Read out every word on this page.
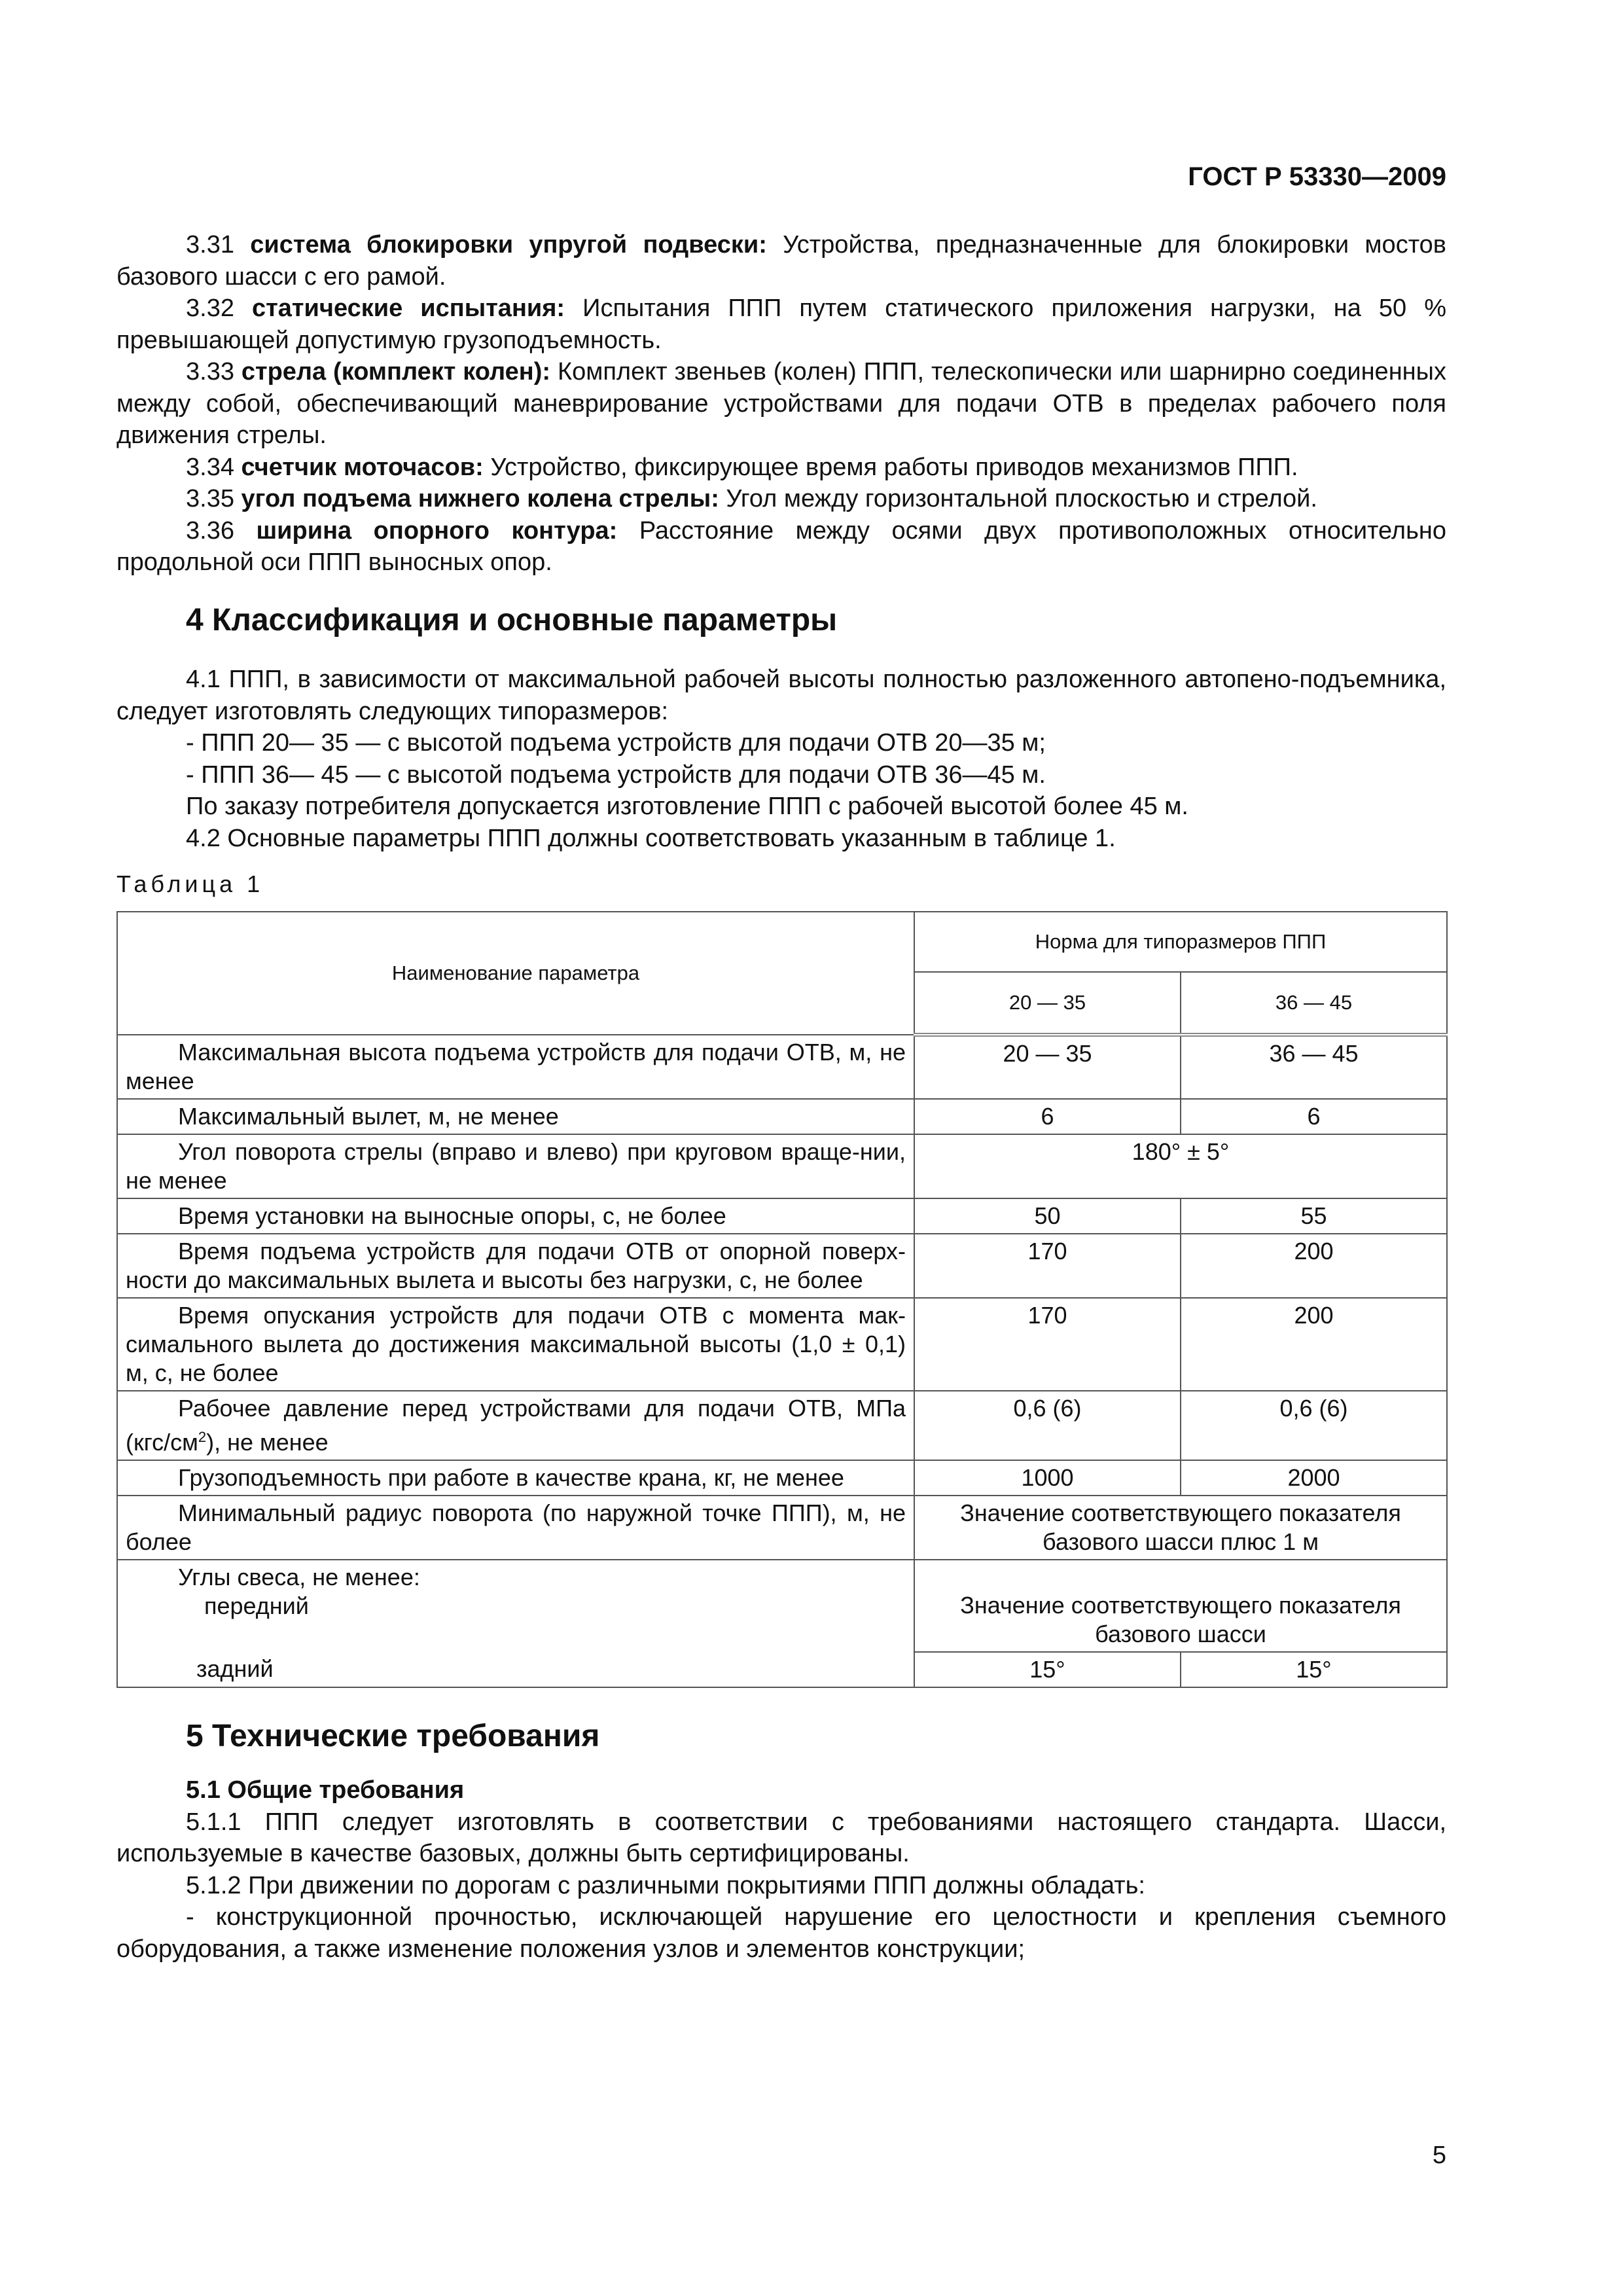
ГОСТ Р 53330—2009

3.31 система блокировки упругой подвески: Устройства, предназначенные для блокировки мостов базового шасси с его рамой.

3.32 статические испытания: Испытания ППП путем статического приложения нагрузки, на 50 % превышающей допустимую грузоподъемность.

3.33 стрела (комплект колен): Комплект звеньев (колен) ППП, телескопически или шарнирно соединенных между собой, обеспечивающий маневрирование устройствами для подачи ОТВ в пределах рабочего поля движения стрелы.

3.34 счетчик моточасов: Устройство, фиксирующее время работы приводов механизмов ППП.

3.35 угол подъема нижнего колена стрелы: Угол между горизонтальной плоскостью и стрелой.

3.36 ширина опорного контура: Расстояние между осями двух противоположных относительно продольной оси ППП выносных опор.

4 Классификация и основные параметры

4.1 ППП, в зависимости от максимальной рабочей высоты полностью разложенного автопено-подъемника, следует изготовлять следующих типоразмеров:

- ППП 20— 35 — с высотой подъема устройств для подачи ОТВ 20—35 м;

- ППП 36— 45 — с высотой подъема устройств для подачи ОТВ 36—45 м.

По заказу потребителя допускается изготовление ППП с рабочей высотой более 45 м.

4.2 Основные параметры ППП должны соответствовать указанным в таблице 1.

Таблица 1
Наименование параметра	Норма для типоразмеров ППП	
	20 — 35	36 — 45
Максимальная высота подъема устройств для подачи ОТВ, м, не менее	20 — 35	36 — 45
Максимальный вылет, м, не менее	6	6
Угол поворота стрелы (вправо и влево) при круговом враще-нии, не менее	180° ± 5°	
Время установки на выносные опоры, с, не более	50	55
Время подъема устройств для подачи ОТВ от опорной поверх-ности до максимальных вылета и высоты без нагрузки, с, не более	170	200
Время опускания устройств для подачи ОТВ с момента мак-симального вылета до достижения максимальной высоты (1,0 ± 0,1) м, с, не более	170	200
Рабочее давление перед устройствами для подачи ОТВ, МПа $(кгс/см^2)$, не менее	0,6 (6)	0,6 (6)
Грузоподъемность при работе в качестве крана, кг, не менее	1000	2000
Минимальный радиус поворота (по наружной точке ППП), м, не более	Значение соответствующего показателя базового шасси плюс 1 м	

Углы свеса, не менее:
передний	Значение соответствующего показателя базового шасси	
задний	15°	15°

5 Технические требования

5.1 Общие требования

5.1.1 ППП следует изготовлять в соответствии с требованиями настоящего стандарта. Шасси, используемые в качестве базовых, должны быть сертифицированы.

5.1.2 При движении по дорогам с различными покрытиями ППП должны обладать:

- конструкционной прочностью, исключающей нарушение его целостности и крепления съемного оборудования, а также изменение положения узлов и элементов конструкции;

5
